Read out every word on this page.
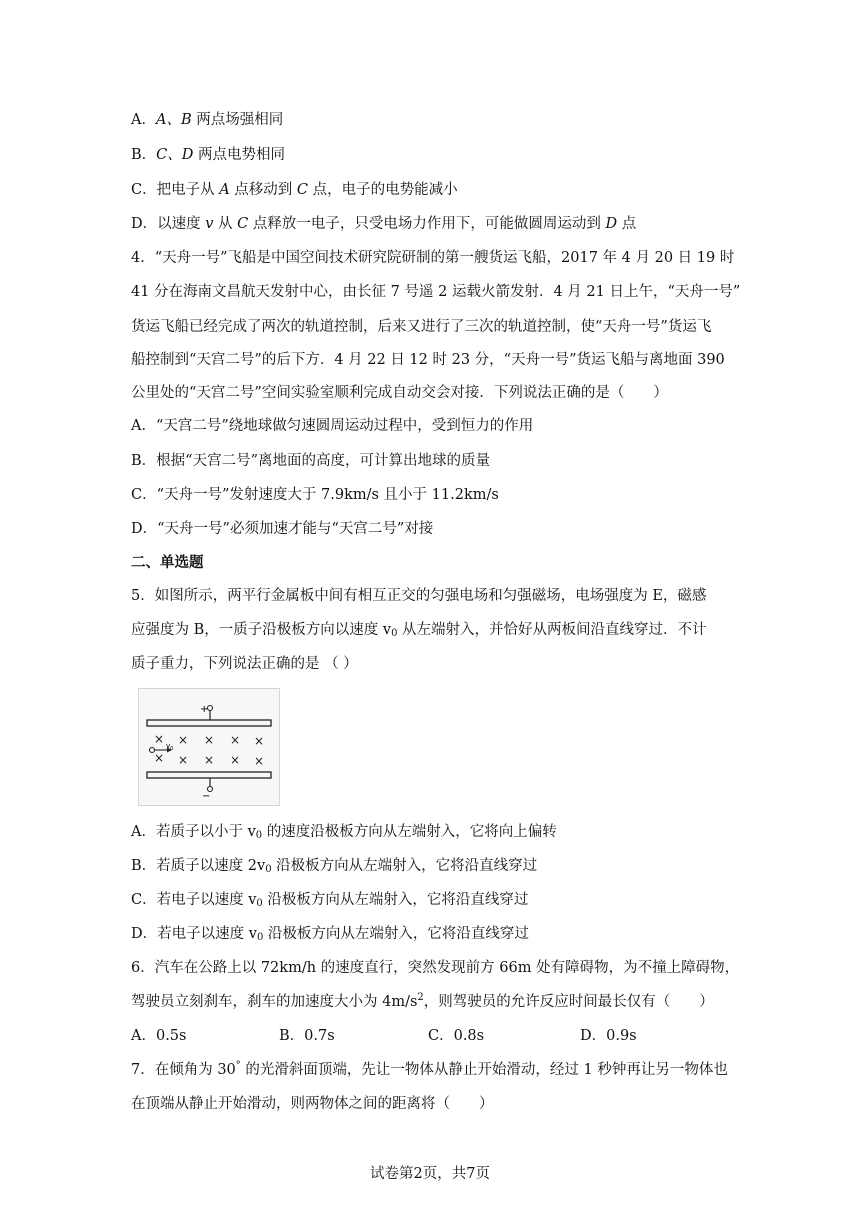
A．A、B 两点场强相同
B．C、D 两点电势相同
C．把电子从 A 点移动到 C 点，电子的电势能减小
D．以速度 v 从 C 点释放一电子，只受电场力作用下，可能做圆周运动到 D 点
4．“天舟一号”飞船是中国空间技术研究院研制的第一艘货运飞船，2017 年 4 月 20 日 19 时
41 分在海南文昌航天发射中心，由长征 7 号遥 2 运载火箭发射．4 月 21 日上午，“天舟一号”
货运飞船已经完成了两次的轨道控制，后来又进行了三次的轨道控制，使“天舟一号”货运飞
船控制到“天宫二号”的后下方．4 月 22 日 12 时 23 分，“天舟一号”货运飞船与离地面 390
公里处的“天宫二号”空间实验室顺利完成自动交会对接．下列说法正确的是（　　）
A．“天宫二号”绕地球做匀速圆周运动过程中，受到恒力的作用
B．根据“天宫二号”离地面的高度，可计算出地球的质量
C．“天舟一号”发射速度大于 7.9km/s 且小于 11.2km/s
D．“天舟一号”必须加速才能与“天宫二号”对接
二、单选题
5．如图所示，两平行金属板中间有相互正交的匀强电场和匀强磁场，电场强度为 E，磁感
应强度为 B，一质子沿极板方向以速度 $v_0$ 从左端射入，并恰好从两板间沿直线穿过．不计
质子重力，下列说法正确的是 （ ）
+
× × × × ×
× × × × ×
$v_0$
−
A．若质子以小于 $v_0$ 的速度沿极板方向从左端射入，它将向上偏转
B．若质子以速度 $2v_0$ 沿极板方向从左端射入，它将沿直线穿过
C．若电子以速度 $v_0$ 沿极板方向从左端射入，它将沿直线穿过
D．若电子以速度 $v_0$ 沿极板方向从左端射入，它将沿直线穿过
6．汽车在公路上以 72km/h 的速度直行，突然发现前方 66m 处有障碍物，为不撞上障碍物，
驾驶员立刻刹车，刹车的加速度大小为 $4m/s^2$，则驾驶员的允许反应时间最长仅有（　　）
A．0.5s	B．0.7s	C．0.8s	D．0.9s
7．在倾角为 30° 的光滑斜面顶端，先让一物体从静止开始滑动，经过 1 秒钟再让另一物体也
在顶端从静止开始滑动，则两物体之间的距离将（　　）
试卷第2页，共7页
